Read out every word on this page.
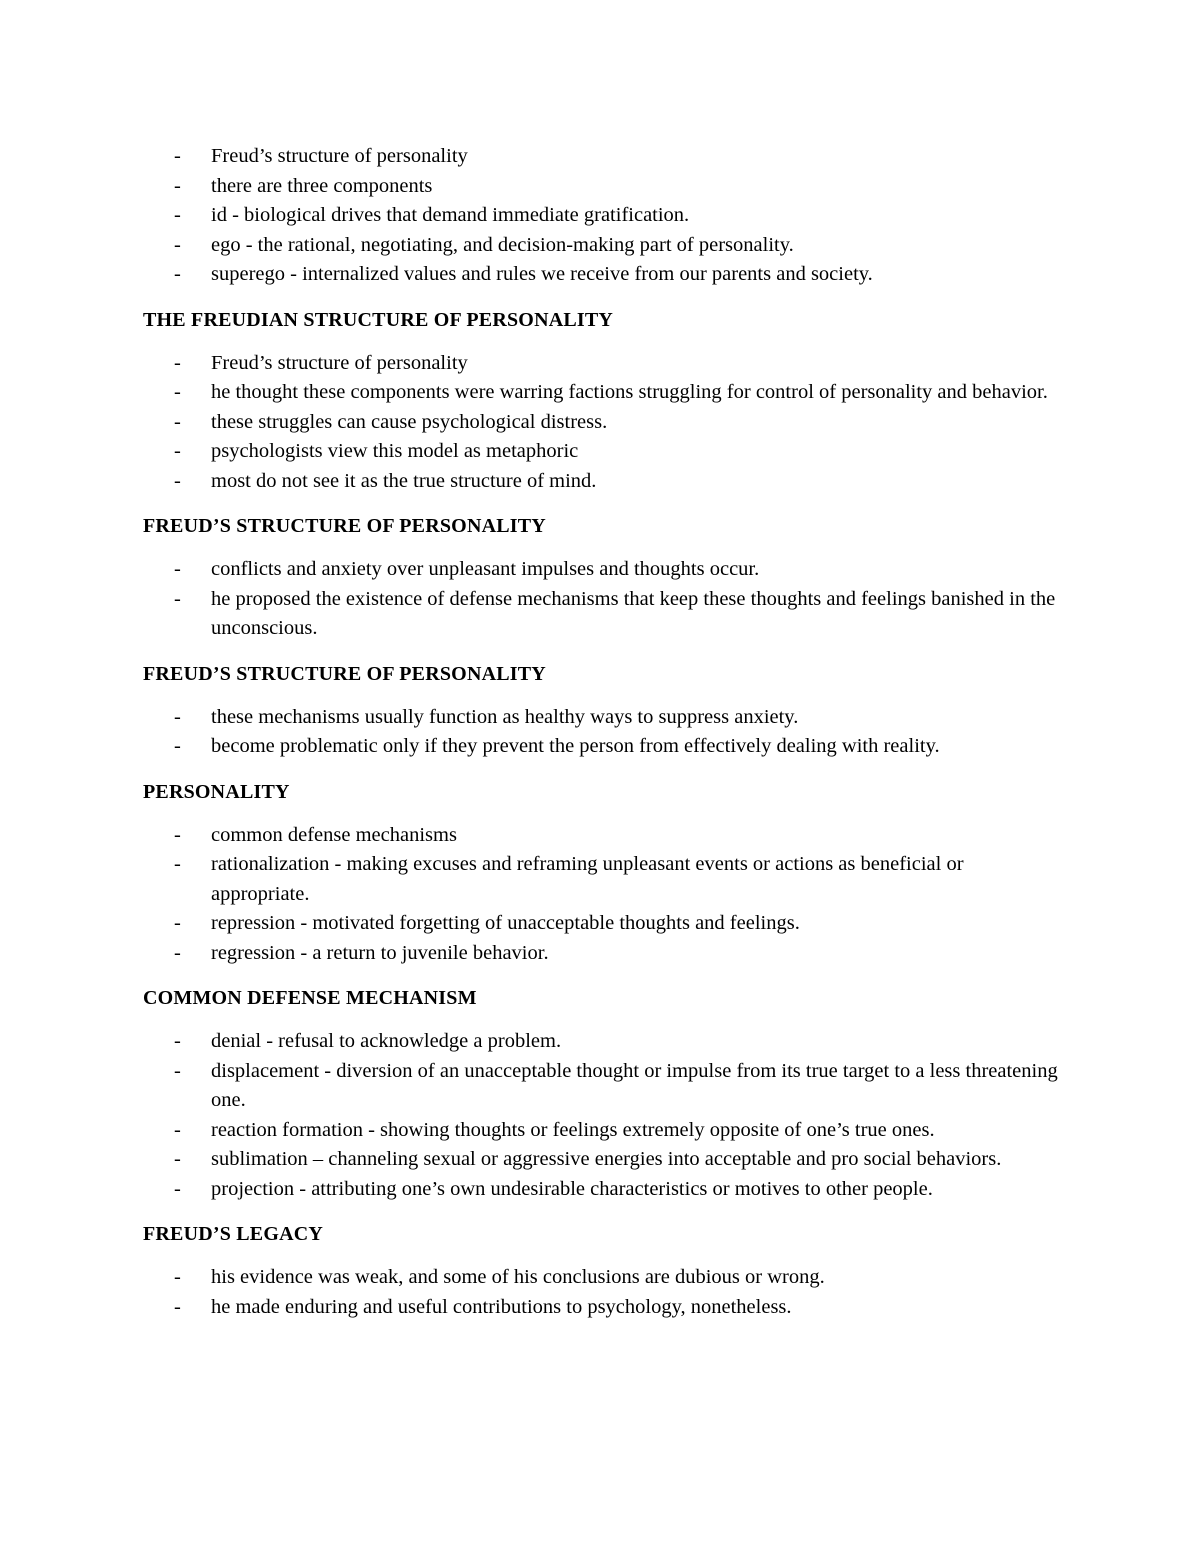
- Freud’s structure of personality
- there are three components
- id - biological drives that demand immediate gratification.
- ego - the rational, negotiating, and decision-making part of personality.
- superego - internalized values and rules we receive from our parents and society.
THE FREUDIAN STRUCTURE OF PERSONALITY
- Freud’s structure of personality
- he thought these components were warring factions struggling for control of personality and behavior.
- these struggles can cause psychological distress.
- psychologists view this model as metaphoric
- most do not see it as the true structure of mind.
FREUD’S STRUCTURE OF PERSONALITY
- conflicts and anxiety over unpleasant impulses and thoughts occur.
- he proposed the existence of defense mechanisms that keep these thoughts and feelings banished in the unconscious.
FREUD’S STRUCTURE OF PERSONALITY
- these mechanisms usually function as healthy ways to suppress anxiety.
- become problematic only if they prevent the person from effectively dealing with reality.
PERSONALITY
- common defense mechanisms
- rationalization - making excuses and reframing unpleasant events or actions as beneficial or appropriate.
- repression - motivated forgetting of unacceptable thoughts and feelings.
- regression - a return to juvenile behavior.
COMMON DEFENSE MECHANISM
- denial - refusal to acknowledge a problem.
- displacement - diversion of an unacceptable thought or impulse from its true target to a less threatening one.
- reaction formation - showing thoughts or feelings extremely opposite of one’s true ones.
- sublimation – channeling sexual or aggressive energies into acceptable and pro social behaviors.
- projection - attributing one’s own undesirable characteristics or motives to other people.
FREUD’S LEGACY
- his evidence was weak, and some of his conclusions are dubious or wrong.
- he made enduring and useful contributions to psychology, nonetheless.
